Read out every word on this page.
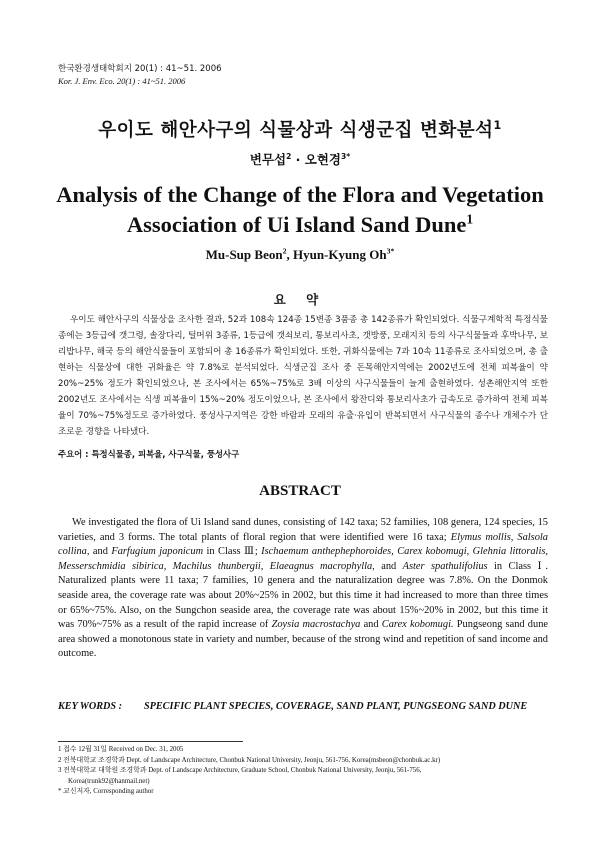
한국환경생태학회지 20(1) : 41~51. 2006
Kor. J. Env. Eco. 20(1) : 41~51. 2006
우이도 해안사구의 식물상과 식생군집 변화분석$^1$
변무섭$^2$ · 오현경$^{3*}$
Analysis of the Change of the Flora and Vegetation
Association of Ui Island Sand Dune$^1$
Mu-Sup Beon$^2$, Hyun-Kyung $Oh^{3*}$
요 약
우이도 해안사구의 식물상을 조사한 결과, 52과 108속 124종 15변종 3품종 총 142종류가 확인되었다. 식물구계학적 특정식물종에는 3등급에 갯그령, 솔장다리, 털머위 3종류, 1등급에 갯쇠보리, 통보리사초, 갯방풍, 모래지치 등의 사구식물들과 후박나무, 보리밥나무, 해국 등의 해안식물들이 포함되어 총 16종류가 확인되었다. 또한, 귀화식물에는 7과 10속 11종류로 조사되었으며, 총 출현하는 식물상에 대한 귀화율은 약 7.8%로 분석되었다. 식생군집 조사 중 돈목해안지역에는 2002년도에 전체 피복율이 약 20%~25% 정도가 확인되었으나, 본 조사에서는 65%~75%로 3배 이상의 사구식물들이 늘게 출현하였다. 성촌해안지역 또한 2002년도 조사에서는 식생 피복율이 15%~20% 정도이었으나, 본 조사에서 왕잔디와 통보리사초가 급속도로 증가하여 전체 피복율이 70%~75%정도로 증가하였다. 풍성사구지역은 강한 바람과 모래의 유출·유입이 반복되면서 사구식물의 종수나 개체수가 단조로운 경향을 나타냈다.
주요어 : 특정식물종, 피복율, 사구식물, 풍성사구
ABSTRACT
We investigated the flora of Ui Island sand dunes, consisting of 142 taxa; 52 families, 108 genera, 124 species, 15 varieties, and 3 forms. The total plants of floral region that were identified were 16 taxa; Elymus mollis, Salsola collina, and Farfugium japonicum in Class Ⅲ; Ischaemum anthephephoroides, Carex kobomugi, Glehnia littoralis, Messerschmidia sibirica, Machilus thunbergii, Elaeagnus macrophylla, and Aster spathulifolius in Class Ⅰ. Naturalized plants were 11 taxa; 7 families, 10 genera and the naturalization degree was 7.8%. On the Donmok seaside area, the coverage rate was about 20%~25% in 2002, but this time it had increased to more than three times or 65%~75%. Also, on the Sungchon seaside area, the coverage rate was about 15%~20% in 2002, but this time it was 70%~75% as a result of the rapid increase of Zoysia macrostachya and Carex kobomugi. Pungseong sand dune area showed a monotonous state in variety and number, because of the strong wind and repetition of sand income and outcome.
KEY WORDS : SPECIFIC PLANT SPECIES, COVERAGE, SAND PLANT, PUNGSEONG SAND DUNE

1 접수 12월 31일 Received on Dec. 31, 2005

2 전북대학교 조경학과 Dept. of Landscape Architecture, Chonbuk National University, Jeonju, 561-756, Korea(msbeon@chonbuk.ac.kr)

3 전북대학교 대학원 조경학과 Dept. of Landscape Architecture, Graduate School, Chonbuk National University, Jeonju, 561-756,

Korea(trunk92@hanmail.net)

* 교신저자, Corresponding author
